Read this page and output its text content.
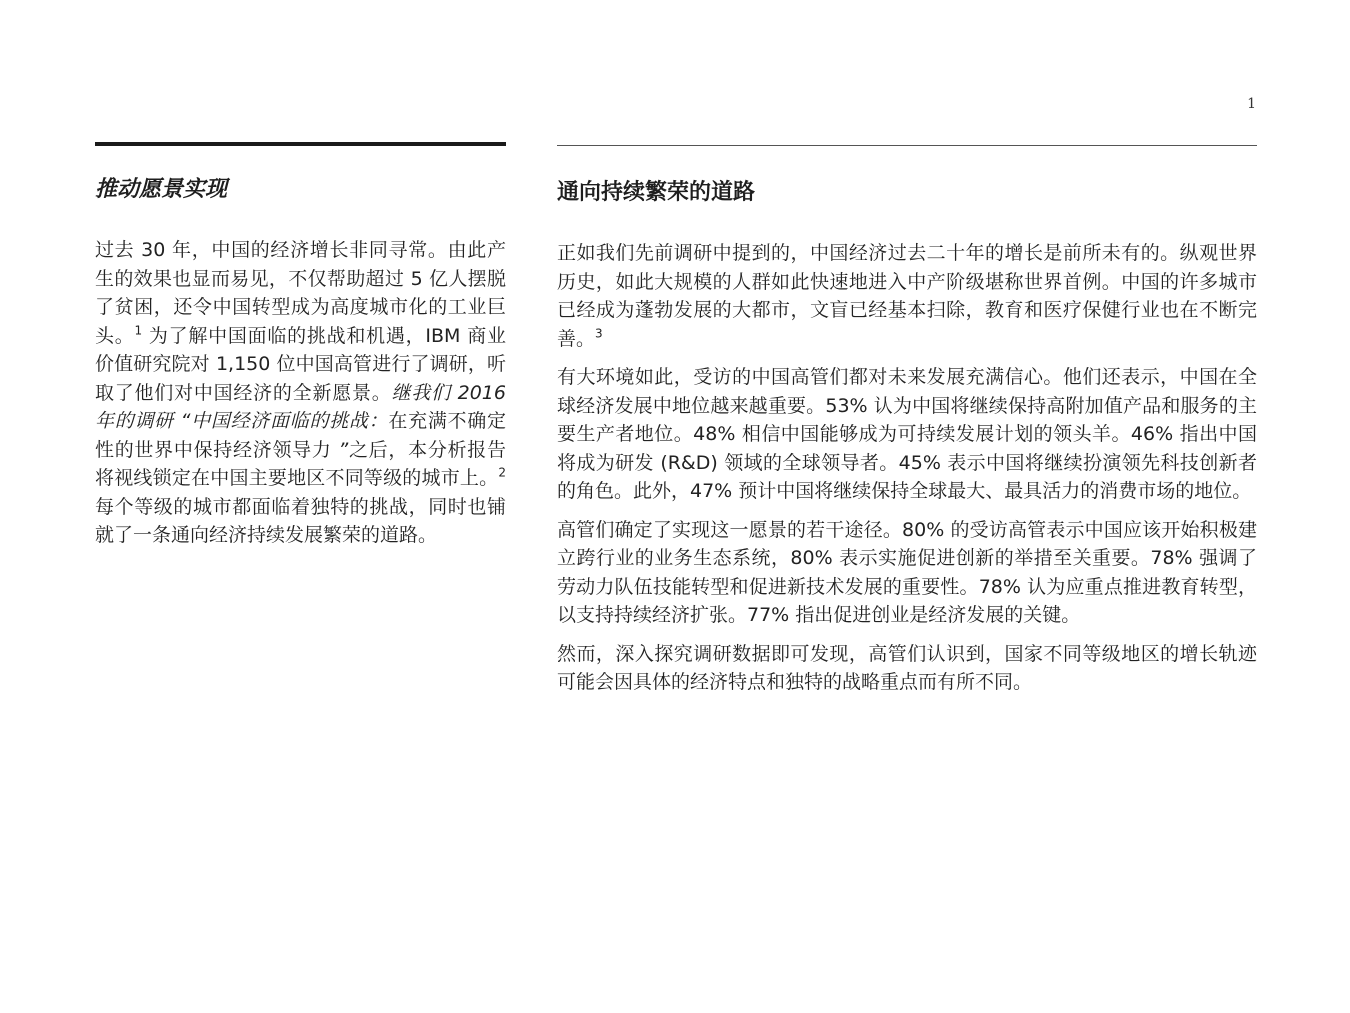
1
推动愿景实现

过去 30 年，中国的经济增长非同寻常。由此产生的效果也显而易见，不仅帮助超过 5 亿人摆脱了贫困，还令中国转型成为高度城市化的工业巨头。$^1$ 为了解中国面临的挑战和机遇，IBM 商业价值研究院对 1,150 位中国高管进行了调研，听取了他们对中国经济的全新愿景。继我们 2016 年的调研 “中国经济面临的挑战：在充满不确定性的世界中保持经济领导力 ”之后，本分析报告将视线锁定在中国主要地区不同等级的城市上。$^2$ 每个等级的城市都面临着独特的挑战，同时也铺就了一条通向经济持续发展繁荣的道路。

通向持续繁荣的道路

正如我们先前调研中提到的，中国经济过去二十年的增长是前所未有的。纵观世界历史，如此大规模的人群如此快速地进入中产阶级堪称世界首例。中国的许多城市已经成为蓬勃发展的大都市，文盲已经基本扫除，教育和医疗保健行业也在不断完善。$^3$

有大环境如此，受访的中国高管们都对未来发展充满信心。他们还表示，中国在全球经济发展中地位越来越重要。53% 认为中国将继续保持高附加值产品和服务的主要生产者地位。48% 相信中国能够成为可持续发展计划的领头羊。46% 指出中国将成为研发 (R&D) 领域的全球领导者。45% 表示中国将继续扮演领先科技创新者的角色。此外，47% 预计中国将继续保持全球最大、最具活力的消费市场的地位。

高管们确定了实现这一愿景的若干途径。80% 的受访高管表示中国应该开始积极建立跨行业的业务生态系统，80% 表示实施促进创新的举措至关重要。78% 强调了劳动力队伍技能转型和促进新技术发展的重要性。78% 认为应重点推进教育转型，以支持持续经济扩张。77% 指出促进创业是经济发展的关键。

然而，深入探究调研数据即可发现，高管们认识到，国家不同等级地区的增长轨迹可能会因具体的经济特点和独特的战略重点而有所不同。
